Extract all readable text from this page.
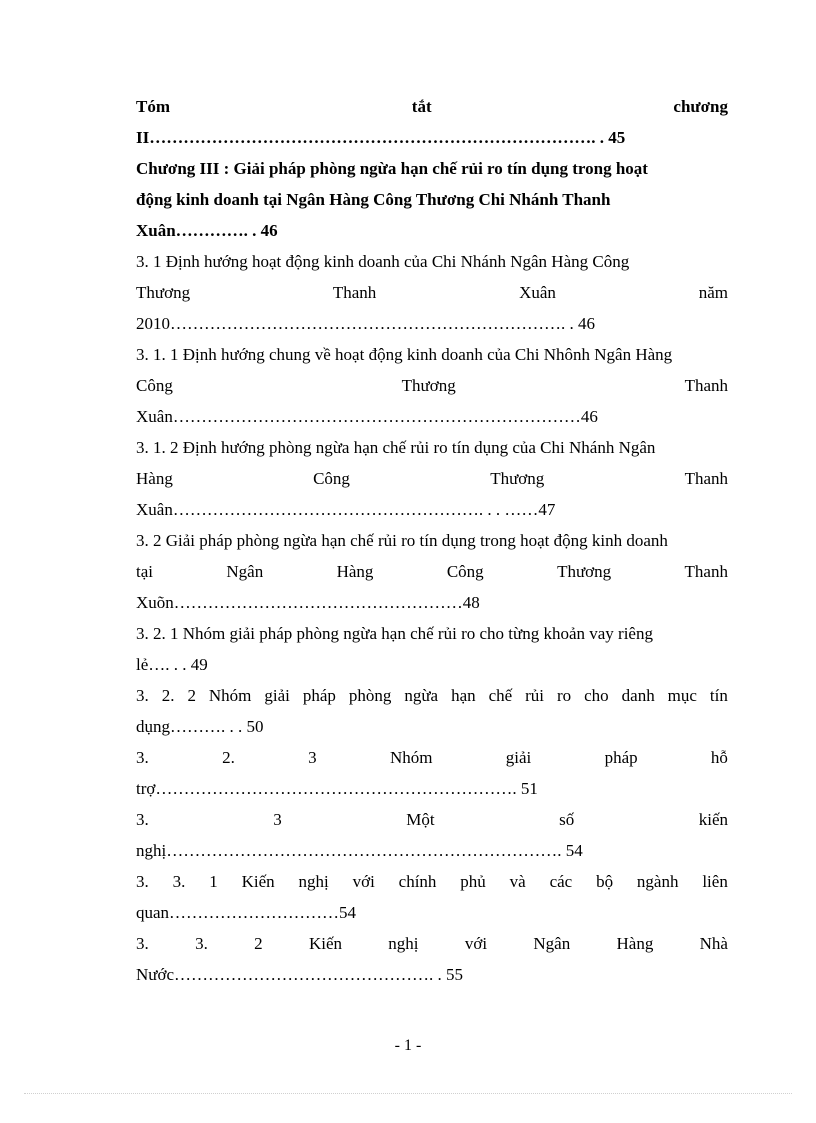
Tóm	tắt	chương
II……………………………………………………………………. . 45
Chương III : Giải pháp phòng ngừa hạn chế rủi ro tín dụng trong hoạt
động kinh doanh tại Ngân Hàng Công Thương Chi Nhánh Thanh
Xuân…………. . 46
3. 1 Định hướng hoạt động kinh doanh của Chi Nhánh Ngân Hàng Công
Thương	Thanh	Xuân	năm
2010……………………………………………………………. . 46
3. 1. 1 Định hướng chung về hoạt động kinh doanh của Chi Nhônh Ngân Hàng
Công	Thương	Thanh
Xuân………………………………………………………………46
3. 1. 2 Định hướng phòng ngừa hạn chế rủi ro tín dụng của Chi Nhánh Ngân
Hàng	Công	Thương	Thanh
Xuân………………………………………………. . . ……47
3. 2 Giải pháp phòng ngừa hạn chế rủi ro tín dụng trong hoạt động kinh doanh
tại	Ngân	Hàng	Công	Thương	Thanh
Xuõn……………………………………………48
3. 2. 1 Nhóm giải pháp phòng ngừa hạn chế rủi ro cho từng khoản vay riêng
lẻ…. . . 49
3. 2. 2 Nhóm giải pháp phòng ngừa hạn chế rủi ro cho danh mục tín
dụng………. . . 50
3.	2.	3	Nhóm	giải	pháp	hỗ
trợ………………………………………………………. 51
3.	3	Một	số	kiến
nghị……………………………………………………………. 54
3. 3. 1 Kiến nghị với chính phủ và các bộ ngành liên
quan…………………………54
3.	3.	2	Kiến	nghị	với	Ngân	Hàng	Nhà
Nước………………………………………. . 55
- 1 -
